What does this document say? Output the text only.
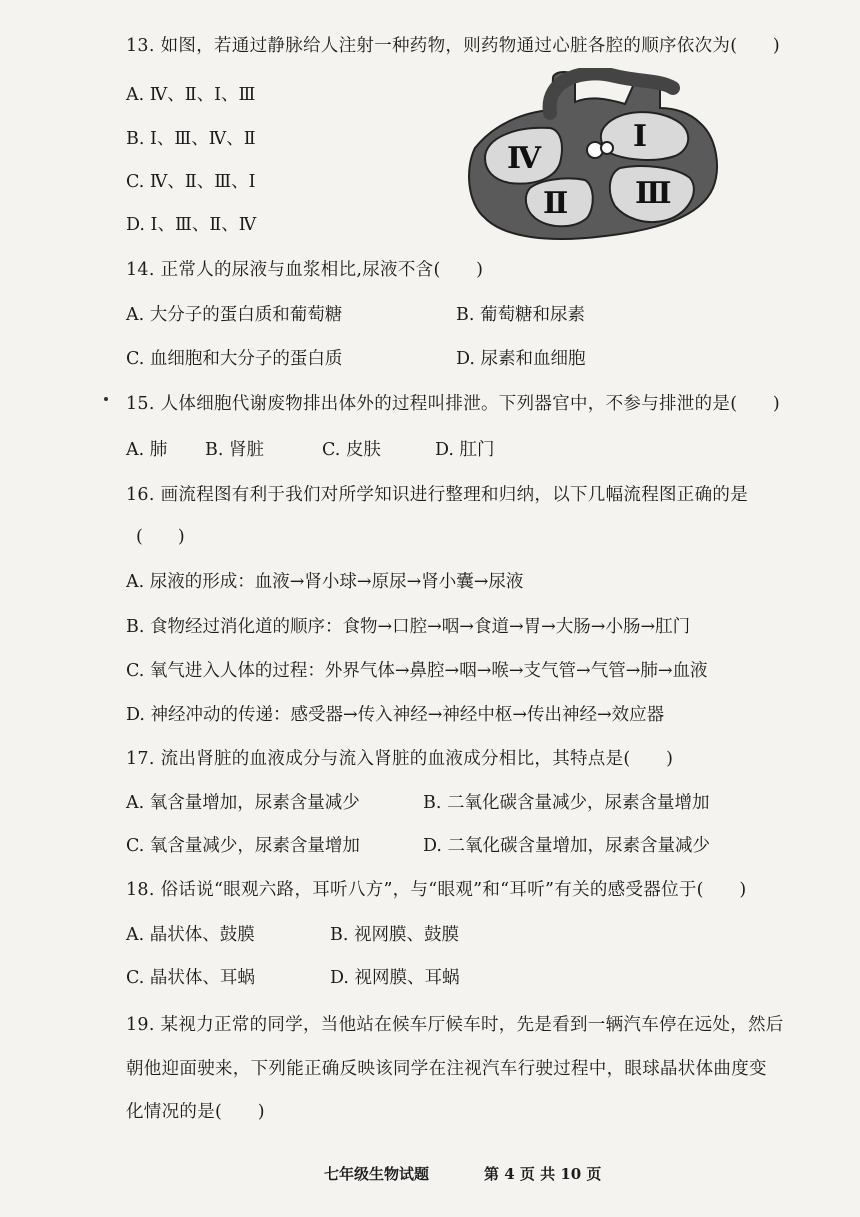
13. 如图，若通过静脉给人注射一种药物，则药物通过心脏各腔的顺序依次为(　　)
A. Ⅳ、Ⅱ、Ⅰ、Ⅲ
B. Ⅰ、Ⅲ、Ⅳ、Ⅱ
C. Ⅳ、Ⅱ、Ⅲ、Ⅰ
D. Ⅰ、Ⅲ、Ⅱ、Ⅳ
Ⅳ
Ⅰ
Ⅱ Ⅲ
14. 正常人的尿液与血浆相比,尿液不含(　　)
A. 大分子的蛋白质和葡萄糖	B. 葡萄糖和尿素
C. 血细胞和大分子的蛋白质	D. 尿素和血细胞
15. 人体细胞代谢废物排出体外的过程叫排泄。下列器官中，不参与排泄的是(　　)
A. 肺 B. 肾脏	C. 皮肤	D. 肛门
16. 画流程图有利于我们对所学知识进行整理和归纳，以下几幅流程图正确的是
(　　)
A. 尿液的形成：血液→肾小球→原尿→肾小囊→尿液
B. 食物经过消化道的顺序：食物→口腔→咽→食道→胃→大肠→小肠→肛门
C. 氧气进入人体的过程：外界气体→鼻腔→咽→喉→支气管→气管→肺→血液
D. 神经冲动的传递：感受器→传入神经→神经中枢→传出神经→效应器
17. 流出肾脏的血液成分与流入肾脏的血液成分相比，其特点是(　　)
A. 氧含量增加，尿素含量减少	B. 二氧化碳含量减少，尿素含量增加
C. 氧含量减少，尿素含量增加	D. 二氧化碳含量增加，尿素含量减少
18. 俗话说“眼观六路，耳听八方”，与“眼观”和“耳听”有关的感受器位于(　　)
A. 晶状体、鼓膜	B. 视网膜、鼓膜
C. 晶状体、耳蜗	D. 视网膜、耳蜗
19. 某视力正常的同学，当他站在候车厅候车时，先是看到一辆汽车停在远处，然后
朝他迎面驶来，下列能正确反映该同学在注视汽车行驶过程中，眼球晶状体曲度变
化情况的是(　　)
七年级生物试题	第 4 页 共 10 页
